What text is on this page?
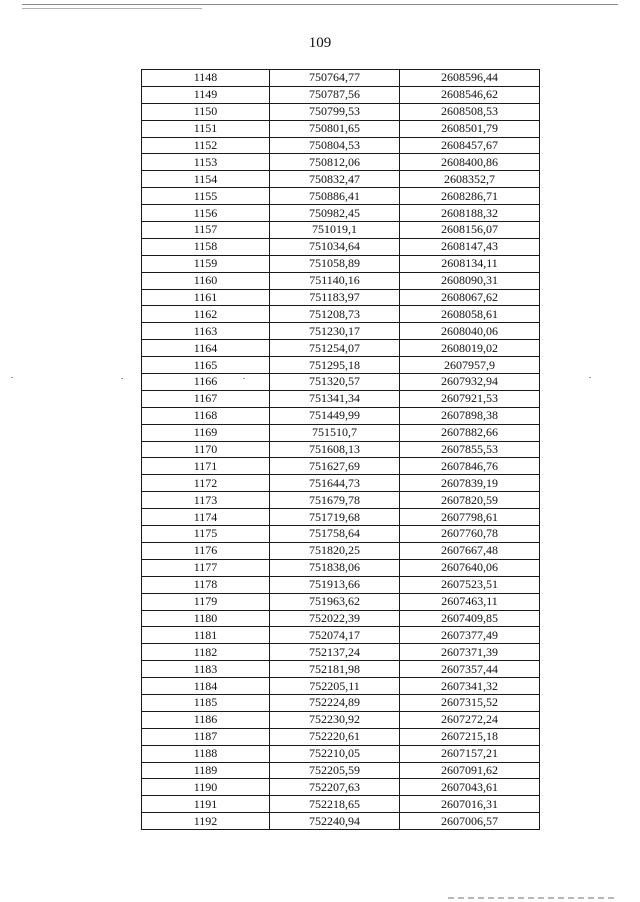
109
1148	750764,77	2608596,44
1149	750787,56	2608546,62
1150	750799,53	2608508,53
1151	750801,65	2608501,79
1152	750804,53	2608457,67
1153	750812,06	2608400,86
1154	750832,47	2608352,7
1155	750886,41	2608286,71
1156	750982,45	2608188,32
1157	751019,1	2608156,07
1158	751034,64	2608147,43
1159	751058,89	2608134,11
1160	751140,16	2608090,31
1161	751183,97	2608067,62
1162	751208,73	2608058,61
1163	751230,17	2608040,06
1164	751254,07	2608019,02
1165	751295,18	2607957,9
1166	751320,57	2607932,94
1167	751341,34	2607921,53
1168	751449,99	2607898,38
1169	751510,7	2607882,66
1170	751608,13	2607855,53
1171	751627,69	2607846,76
1172	751644,73	2607839,19
1173	751679,78	2607820,59
1174	751719,68	2607798,61
1175	751758,64	2607760,78
1176	751820,25	2607667,48
1177	751838,06	2607640,06
1178	751913,66	2607523,51
1179	751963,62	2607463,11
1180	752022,39	2607409,85
1181	752074,17	2607377,49
1182	752137,24	2607371,39
1183	752181,98	2607357,44
1184	752205,11	2607341,32
1185	752224,89	2607315,52
1186	752230,92	2607272,24
1187	752220,61	2607215,18
1188	752210,05	2607157,21
1189	752205,59	2607091,62
1190	752207,63	2607043,61
1191	752218,65	2607016,31
1192	752240,94	2607006,57
